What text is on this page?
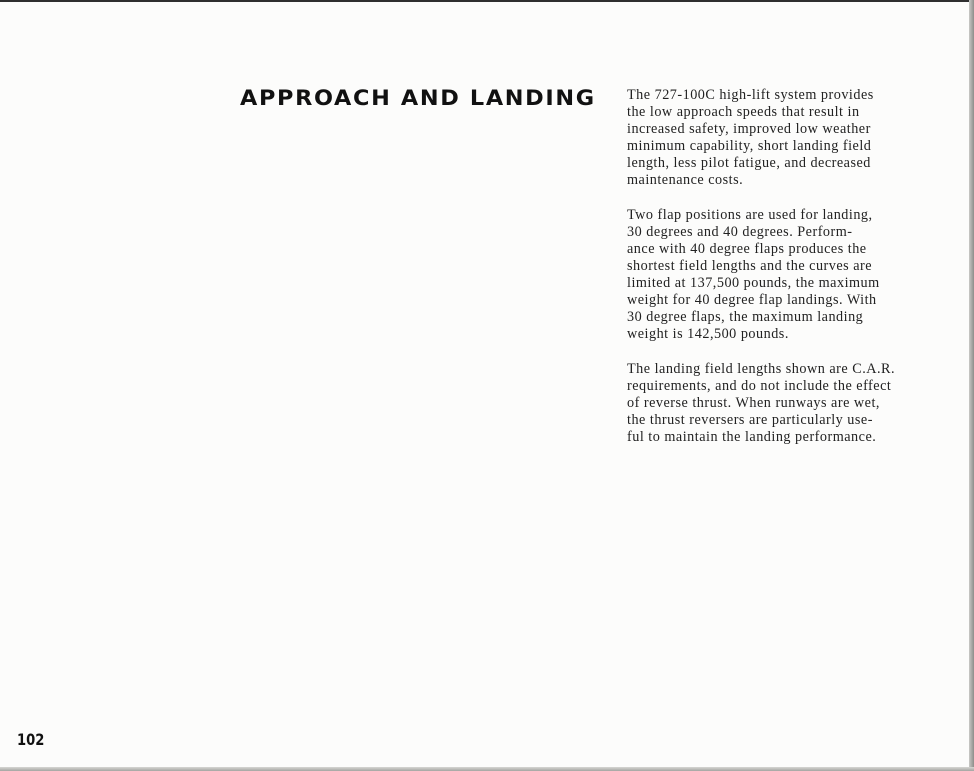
APPROACH AND LANDING The 727-100C high-lift system provides
the low approach speeds that result in
increased safety, improved low weather
minimum capability, short landing field
length, less pilot fatigue, and decreased
maintenance costs.

Two flap positions are used for landing,
30 degrees and 40 degrees. Perform-
ance with 40 degree flaps produces the
shortest field lengths and the curves are
limited at 137,500 pounds, the maximum
weight for 40 degree flap landings. With
30 degree flaps, the maximum landing
weight is 142,500 pounds.

The landing field lengths shown are C.A.R.
requirements, and do not include the effect
of reverse thrust. When runways are wet,
the thrust reversers are particularly use-
ful to maintain the landing performance.

102
